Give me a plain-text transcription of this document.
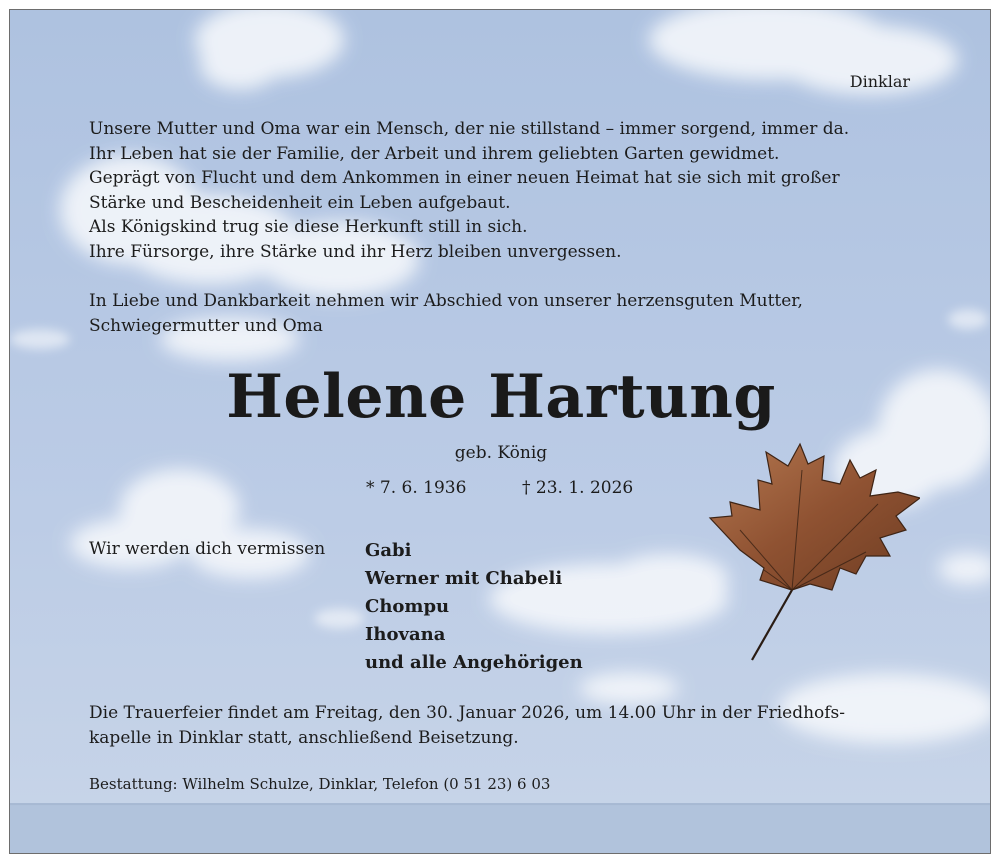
Dinklar
Unsere Mutter und Oma war ein Mensch, der nie stillstand – immer sorgend, immer da.
Ihr Leben hat sie der Familie, der Arbeit und ihrem geliebten Garten gewidmet.
Geprägt von Flucht und dem Ankommen in einer neuen Heimat hat sie sich mit großer
Stärke und Bescheidenheit ein Leben aufgebaut.
Als Königskind trug sie diese Herkunft still in sich.
Ihre Fürsorge, ihre Stärke und ihr Herz bleiben unvergessen.
In Liebe und Dankbarkeit nehmen wir Abschied von unserer herzensguten Mutter,
Schwiegermutter und Oma
Helene Hartung
geb. König
* 7. 6. 1936	† 23. 1. 2026
Wir werden dich vermissen Gabi
Werner mit Chabeli
Chompu
Ihovana
und alle Angehörigen
Die Trauerfeier findet am Freitag, den 30. Januar 2026, um 14.00 Uhr in der Friedhofs-
kapelle in Dinklar statt, anschließend Beisetzung.
Bestattung: Wilhelm Schulze, Dinklar, Telefon (0 51 23) 6 03
